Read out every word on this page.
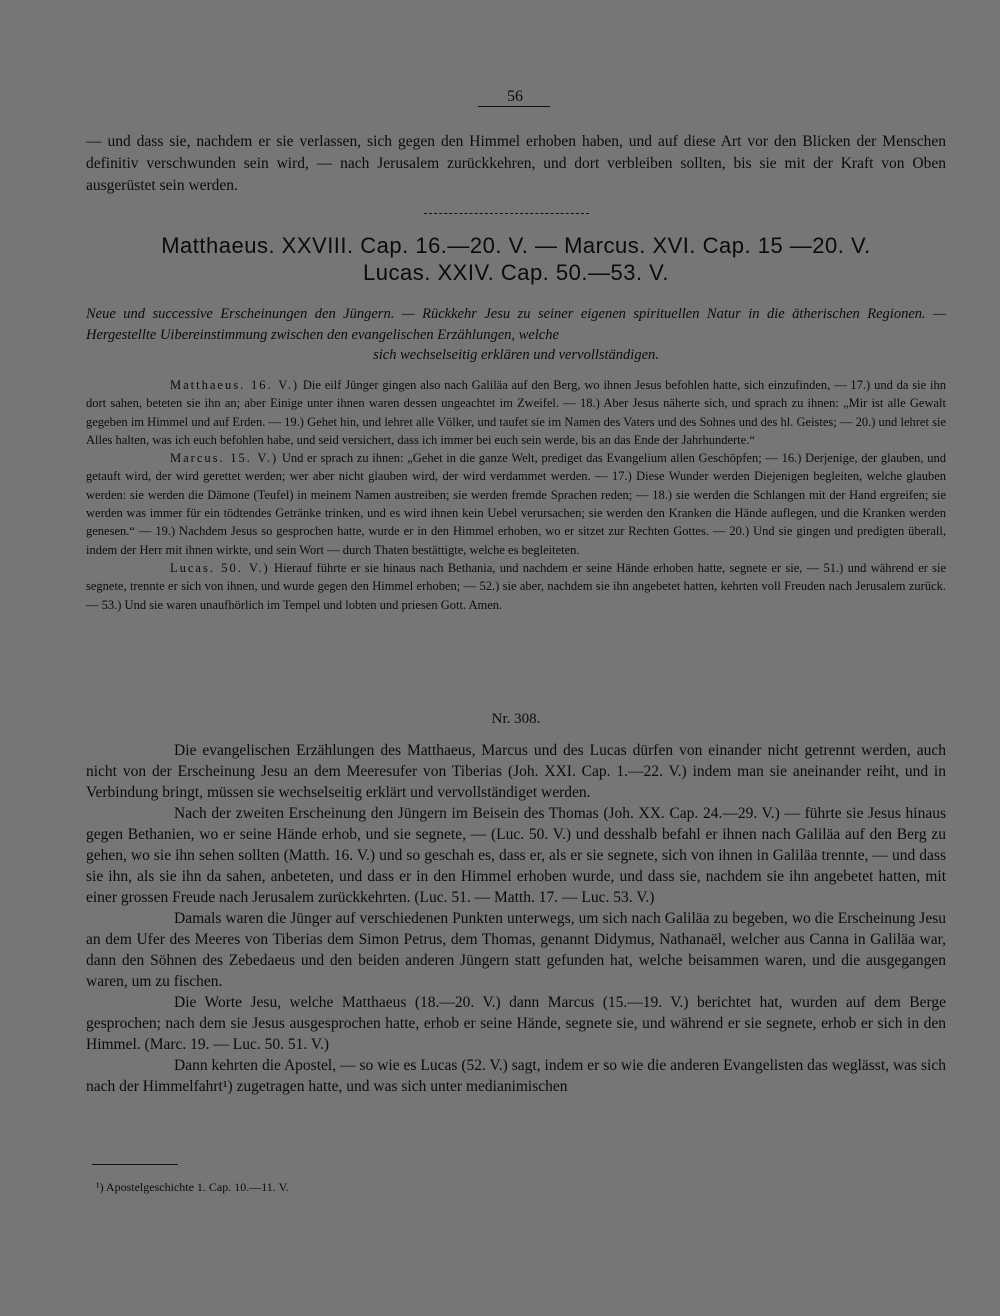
56
— und dass sie, nachdem er sie verlassen, sich gegen den Himmel erhoben haben, und auf diese Art vor den Blicken der Menschen definitiv verschwunden sein wird, — nach Jerusalem zurückkehren, und dort verbleiben sollten, bis sie mit der Kraft von Oben ausgerüstet sein werden.
Matthaeus. XXVIII. Cap. 16.—20. V. — Marcus. XVI. Cap. 15 —20. V.
Lucas. XXIV. Cap. 50.—53. V.
Neue und successive Erscheinungen den Jüngern. — Rückkehr Jesu zu seiner eigenen spirituellen Natur in die ätherischen Regionen. — Hergestellte Uibereinstimmung zwischen den evangelischen Erzählungen, welche
sich wechselseitig erklären und vervollständigen.

Matthaeus. 16. V.) Die eilf Jünger gingen also nach Galiläa auf den Berg, wo ihnen Jesus befohlen hatte, sich einzufinden, — 17.) und da sie ihn dort sahen, beteten sie ihn an; aber Einige unter ihnen waren dessen ungeachtet im Zweifel. — 18.) Aber Jesus näherte sich, und sprach zu ihnen: „Mir ist alle Gewalt gegeben im Himmel und auf Erden. — 19.) Gehet hin, und lehret alle Völker, und taufet sie im Namen des Vaters und des Sohnes und des hl. Geistes; — 20.) und lehret sie Alles halten, was ich euch befohlen habe, und seid versichert, dass ich immer bei euch sein werde, bis an das Ende der Jahrhunderte.“

Marcus. 15. V.) Und er sprach zu ihnen: „Gehet in die ganze Welt, prediget das Evangelium allen Geschöpfen; — 16.) Derjenige, der glauben, und getauft wird, der wird gerettet werden; wer aber nicht glauben wird, der wird verdammet werden. — 17.) Diese Wunder werden Diejenigen begleiten, welche glauben werden: sie werden die Dämone (Teufel) in meinem Namen austreiben; sie werden fremde Sprachen reden; — 18.) sie werden die Schlangen mit der Hand ergreifen; sie werden was immer für ein tödtendes Getränke trinken, und es wird ihnen kein Uebel verursachen; sie werden den Kranken die Hände auflegen, und die Kranken werden genesen.“ — 19.) Nachdem Jesus so gesprochen hatte, wurde er in den Himmel erhoben, wo er sitzet zur Rechten Gottes. — 20.) Und sie gingen und predigten überall, indem der Herr mit ihnen wirkte, und sein Wort — durch Thaten bestättigte, welche es begleiteten.

Lucas. 50. V.) Hierauf führte er sie hinaus nach Bethania, und nachdem er seine Hände erhoben hatte, segnete er sie, — 51.) und während er sie segnete, trennte er sich von ihnen, und wurde gegen den Himmel erhoben; — 52.) sie aber, nachdem sie ihn angebetet hatten, kehrten voll Freuden nach Jerusalem zurück. — 53.) Und sie waren unaufhörlich im Tempel und lobten und priesen Gott. Amen.

Nr. 308.

Die evangelischen Erzählungen des Matthaeus, Marcus und des Lucas dürfen von einander nicht getrennt werden, auch nicht von der Erscheinung Jesu an dem Meeresufer von Tiberias (Joh. XXI. Cap. 1.—22. V.) indem man sie aneinander reiht, und in Verbindung bringt, müssen sie wechselseitig erklärt und vervollständiget werden.

Nach der zweiten Erscheinung den Jüngern im Beisein des Thomas (Joh. XX. Cap. 24.—29. V.) — führte sie Jesus hinaus gegen Bethanien, wo er seine Hände erhob, und sie segnete, — (Luc. 50. V.) und desshalb befahl er ihnen nach Galiläa auf den Berg zu gehen, wo sie ihn sehen sollten (Matth. 16. V.) und so geschah es, dass er, als er sie segnete, sich von ihnen in Galiläa trennte, — und dass sie ihn, als sie ihn da sahen, anbeteten, und dass er in den Himmel erhoben wurde, und dass sie, nachdem sie ihn angebetet hatten, mit einer grossen Freude nach Jerusalem zurückkehrten. (Luc. 51. — Matth. 17. — Luc. 53. V.)

Damals waren die Jünger auf verschiedenen Punkten unterwegs, um sich nach Galiläa zu begeben, wo die Erscheinung Jesu an dem Ufer des Meeres von Tiberias dem Simon Petrus, dem Thomas, genannt Didymus, Nathanaël, welcher aus Canna in Galiläa war, dann den Söhnen des Zebedaeus und den beiden anderen Jüngern statt gefunden hat, welche beisammen waren, und die ausgegangen waren, um zu fischen.

Die Worte Jesu, welche Matthaeus (18.—20. V.) dann Marcus (15.—19. V.) berichtet hat, wurden auf dem Berge gesprochen; nach dem sie Jesus ausgesprochen hatte, erhob er seine Hände, segnete sie, und während er sie segnete, erhob er sich in den Himmel. (Marc. 19. — Luc. 50. 51. V.)

Dann kehrten die Apostel, — so wie es Lucas (52. V.) sagt, indem er so wie die anderen Evangelisten das weglässt, was sich nach der Himmelfahrt¹) zugetragen hatte, und was sich unter medianimischen

¹) Apostelgeschichte 1. Cap. 10.—11. V.
